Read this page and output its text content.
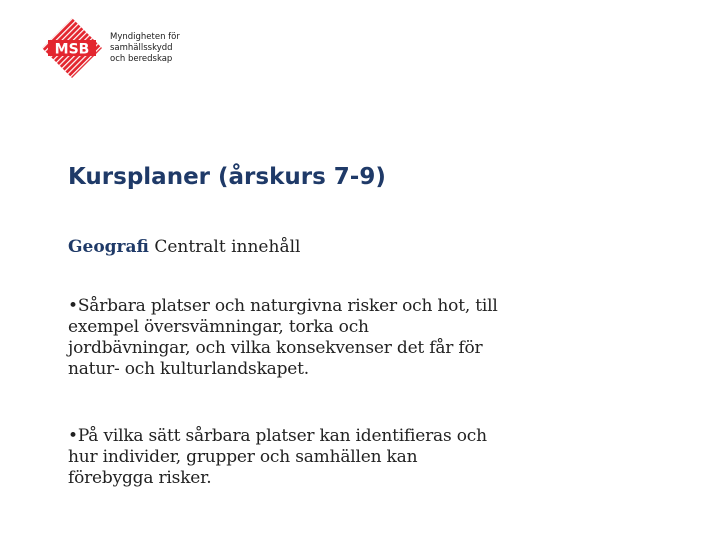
MSB
Myndigheten för
samhällsskydd
och beredskap
Kursplaner (årskurs 7-9)

Geografi Centralt innehåll

•Sårbara platser och naturgivna risker och hot, till
exempel översvämningar, torka och
jordbävningar, och vilka konsekvenser det får för
natur- och kulturlandskapet.

•På vilka sätt sårbara platser kan identifieras och
hur individer, grupper och samhällen kan
förebygga risker.
